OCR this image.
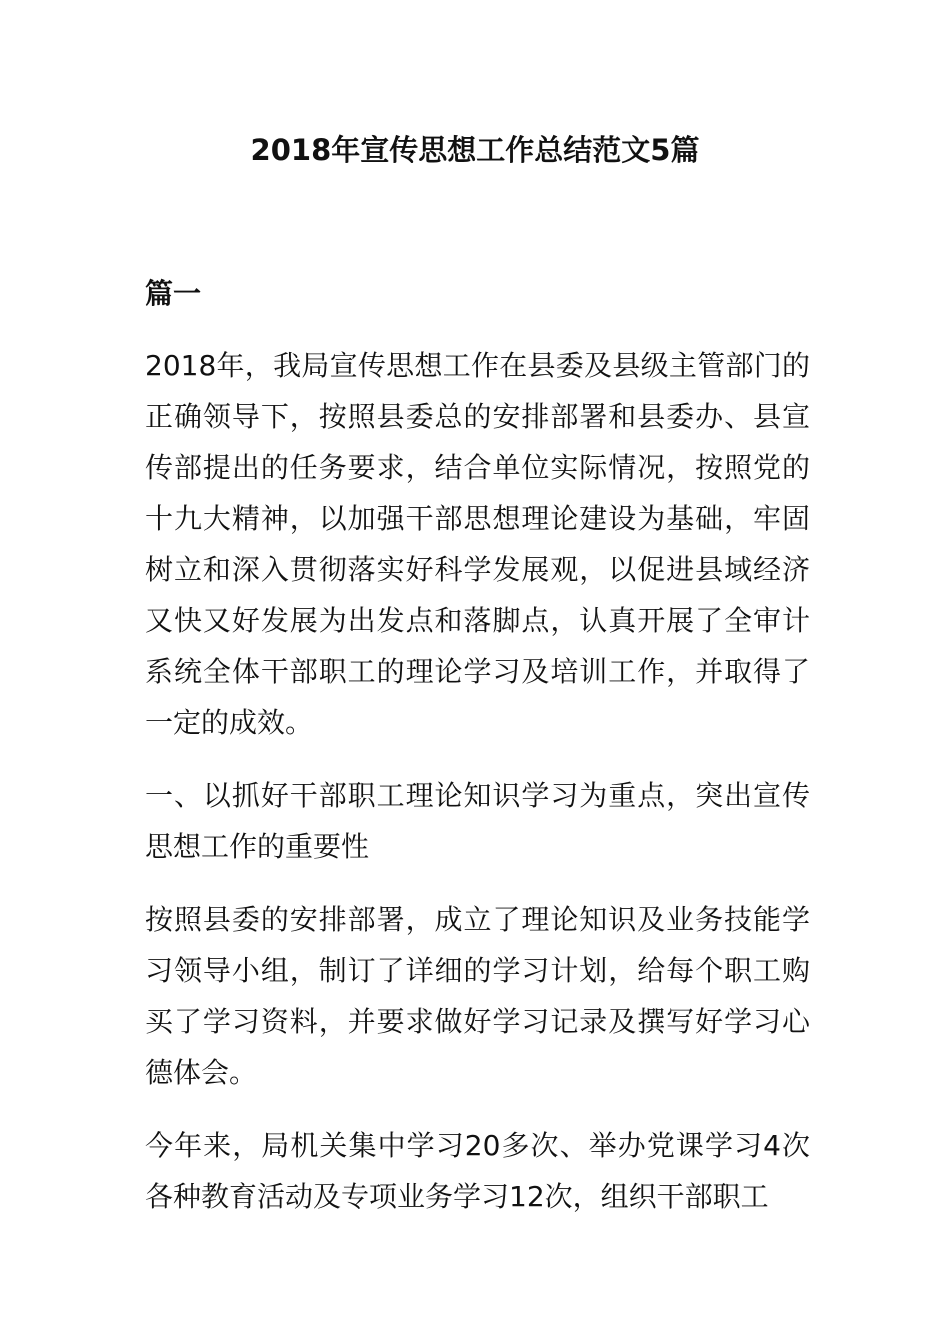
2018年宣传思想工作总结范文5篇
篇一

2018年，我局宣传思想工作在县委及县级主管部门的正确领导下，按照县委总的安排部署和县委办、县宣传部提出的任务要求，结合单位实际情况，按照党的十九大精神，以加强干部思想理论建设为基础，牢固树立和深入贯彻落实好科学发展观，以促进县域经济又快又好发展为出发点和落脚点，认真开展了全审计系统全体干部职工的理论学习及培训工作，并取得了一定的成效。

一、以抓好干部职工理论知识学习为重点，突出宣传思想工作的重要性

按照县委的安排部署，成立了理论知识及业务技能学习领导小组，制订了详细的学习计划，给每个职工购买了学习资料，并要求做好学习记录及撰写好学习心德体会。

今年来，局机关集中学习20多次、举办党课学习4次各种教育活动及专项业务学习12次，组织干部职工
